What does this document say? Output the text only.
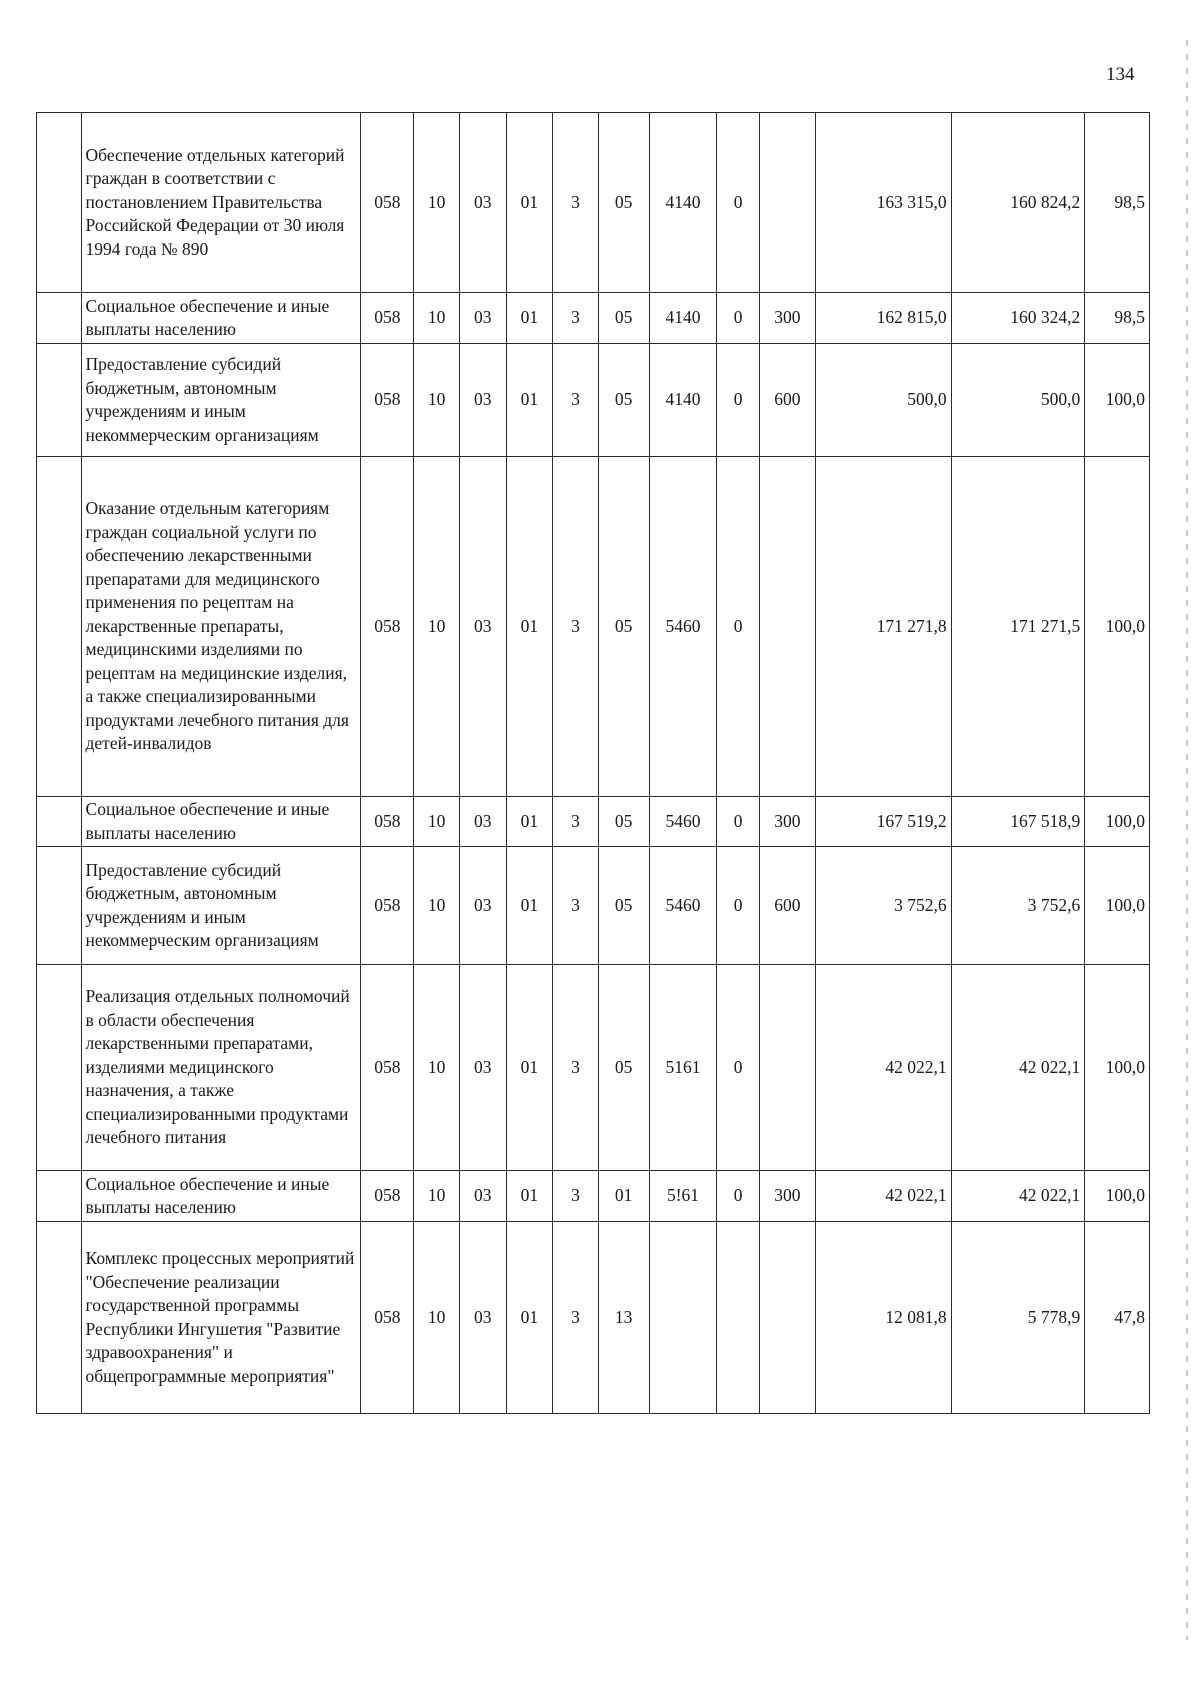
134
	Обеспечение отдельных категорий граждан в соответствии с постановлением Правительства Российской Федерации от 30 июля 1994 года № 890	058	10	03	01	3	05	4140	0		163 315,0	160 824,2	98,5
	Социальное обеспечение и иные выплаты населению	058	10	03	01	3	05	4140	0	300	162 815,0	160 324,2	98,5
	Предоставление субсидий бюджетным, автономным учреждениям и иным некоммерческим организациям	058	10	03	01	3	05	4140	0	600	500,0	500,0	100,0
	Оказание отдельным категориям граждан социальной услуги по обеспечению лекарственными препаратами для медицинского применения по рецептам на лекарственные препараты, медицинскими изделиями по рецептам на медицинские изделия, а также специализированными продуктами лечебного питания для детей-инвалидов	058	10	03	01	3	05	5460	0		171 271,8	171 271,5	100,0
	Социальное обеспечение и иные выплаты населению	058	10	03	01	3	05	5460	0	300	167 519,2	167 518,9	100,0
	Предоставление субсидий бюджетным, автономным учреждениям и иным некоммерческим организациям	058	10	03	01	3	05	5460	0	600	3 752,6	3 752,6	100,0
	Реализация отдельных полномочий в области обеспечения лекарственными препаратами, изделиями медицинского назначения, а также специализированными продуктами лечебного питания	058	10	03	01	3	05	5161	0		42 022,1	42 022,1	100,0
	Социальное обеспечение и иные выплаты населению	058	10	03	01	3	01	5!61	0	300	42 022,1	42 022,1	100,0
	Комплекс процессных мероприятий "Обеспечение реализации государственной программы Республики Ингушетия "Развитие здравоохранения" и общепрограммные мероприятия"	058	10	03	01	3	13				12 081,8	5 778,9	47,8
